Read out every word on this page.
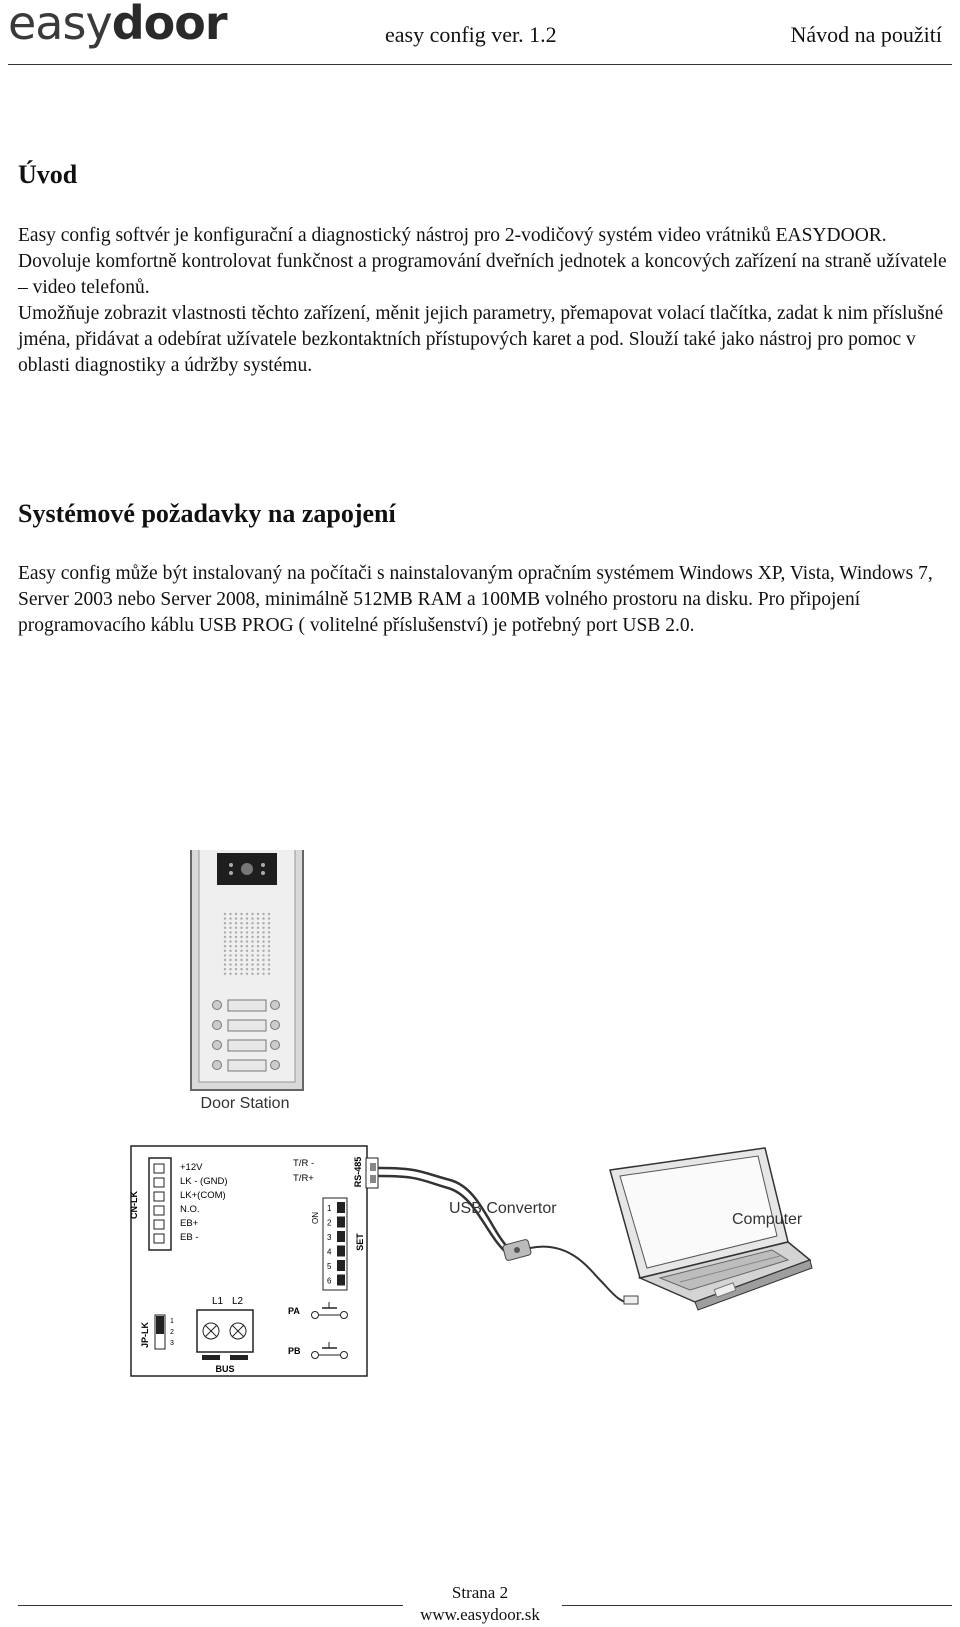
easydoor	easy config ver. 1.2	Návod na použití
Úvod
Easy config softvér je konfigurační a diagnostický nástroj pro 2-vodičový systém video vrátniků EASYDOOR.
Dovoluje komfortně kontrolovat funkčnost a programování dveřních jednotek a koncových zařízení na straně užívatele – video telefonů.
Umožňuje zobrazit vlastnosti těchto zařízení, měnit jejich parametry, přemapovat volací tlačítka, zadat k nim příslušné jména, přidávat a odebírat užívatele bezkontaktních přístupových karet a pod. Slouží také jako nástroj pro pomoc v oblasti diagnostiky a údržby systému.
Systémové požadavky na zapojení

Easy config může být instalovaný na počítači s nainstalovaným opračním systémem Windows XP, Vista, Windows 7, Server 2003 nebo Server 2008, minimálně 512MB RAM a 100MB volného prostoru na disku. Pro připojení programovacího káblu USB PROG ( volitelné příslušenství) je potřebný port USB 2.0.

Door Station
CN-LK
+12V
LK - (GND)
LK+(COM)
N.O.
EB+
EB -
T/R -
T/R+	RS-485
ON
1
2
3
4
5
6
SET
L1 L2
BUS
JP-LK
1
2
3
PA
PB
USB Convertor
Computer
Strana 2
www.easydoor.sk
